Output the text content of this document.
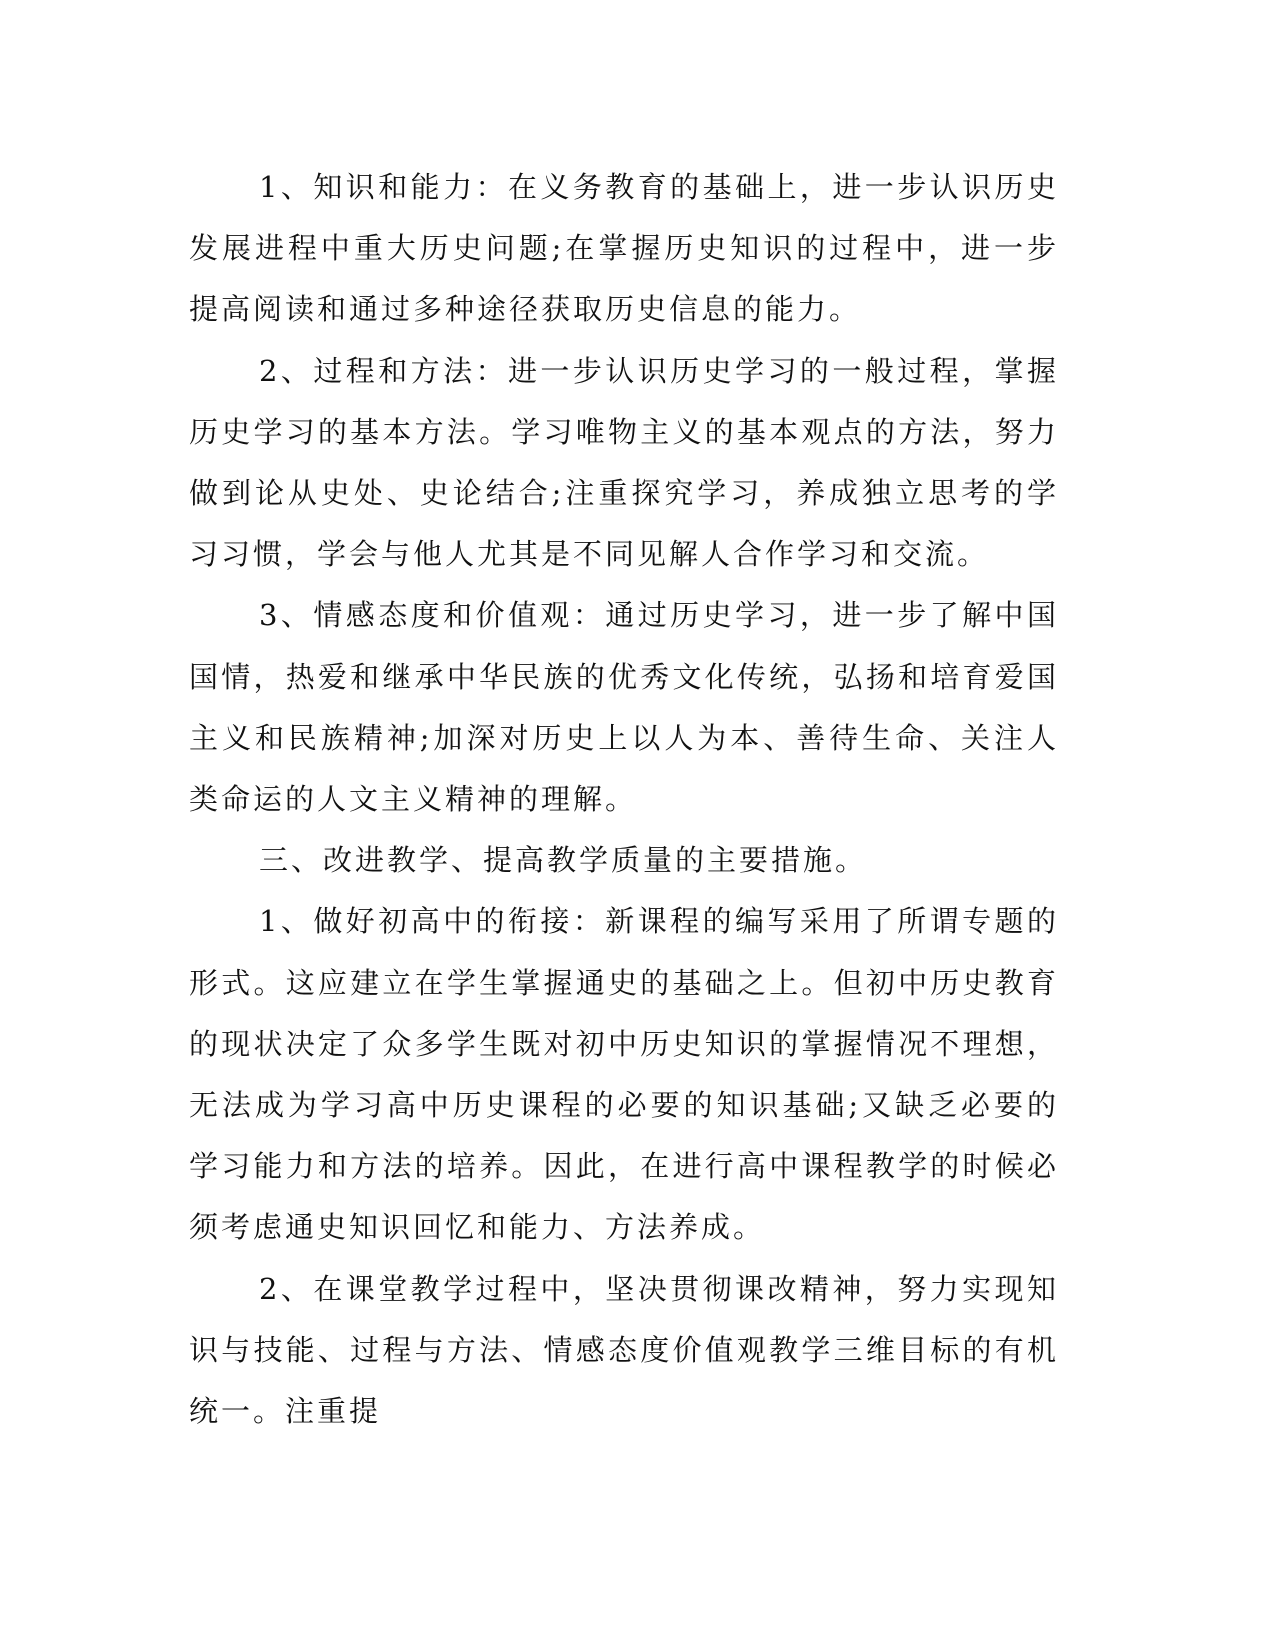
1、知识和能力：在义务教育的基础上，进一步认识历史发展进程中重大历史问题;在掌握历史知识的过程中，进一步提高阅读和通过多种途径获取历史信息的能力。

2、过程和方法：进一步认识历史学习的一般过程，掌握历史学习的基本方法。学习唯物主义的基本观点的方法，努力做到论从史处、史论结合;注重探究学习，养成独立思考的学习习惯，学会与他人尤其是不同见解人合作学习和交流。

3、情感态度和价值观：通过历史学习，进一步了解中国国情，热爱和继承中华民族的优秀文化传统，弘扬和培育爱国主义和民族精神;加深对历史上以人为本、善待生命、关注人类命运的人文主义精神的理解。

三、改进教学、提高教学质量的主要措施。

1、做好初高中的衔接：新课程的编写采用了所谓专题的形式。这应建立在学生掌握通史的基础之上。但初中历史教育的现状决定了众多学生既对初中历史知识的掌握情况不理想，无法成为学习高中历史课程的必要的知识基础;又缺乏必要的学习能力和方法的培养。因此，在进行高中课程教学的时候必须考虑通史知识回忆和能力、方法养成。

2、在课堂教学过程中，坚决贯彻课改精神，努力实现知识与技能、过程与方法、情感态度价值观教学三维目标的有机统一。注重提
